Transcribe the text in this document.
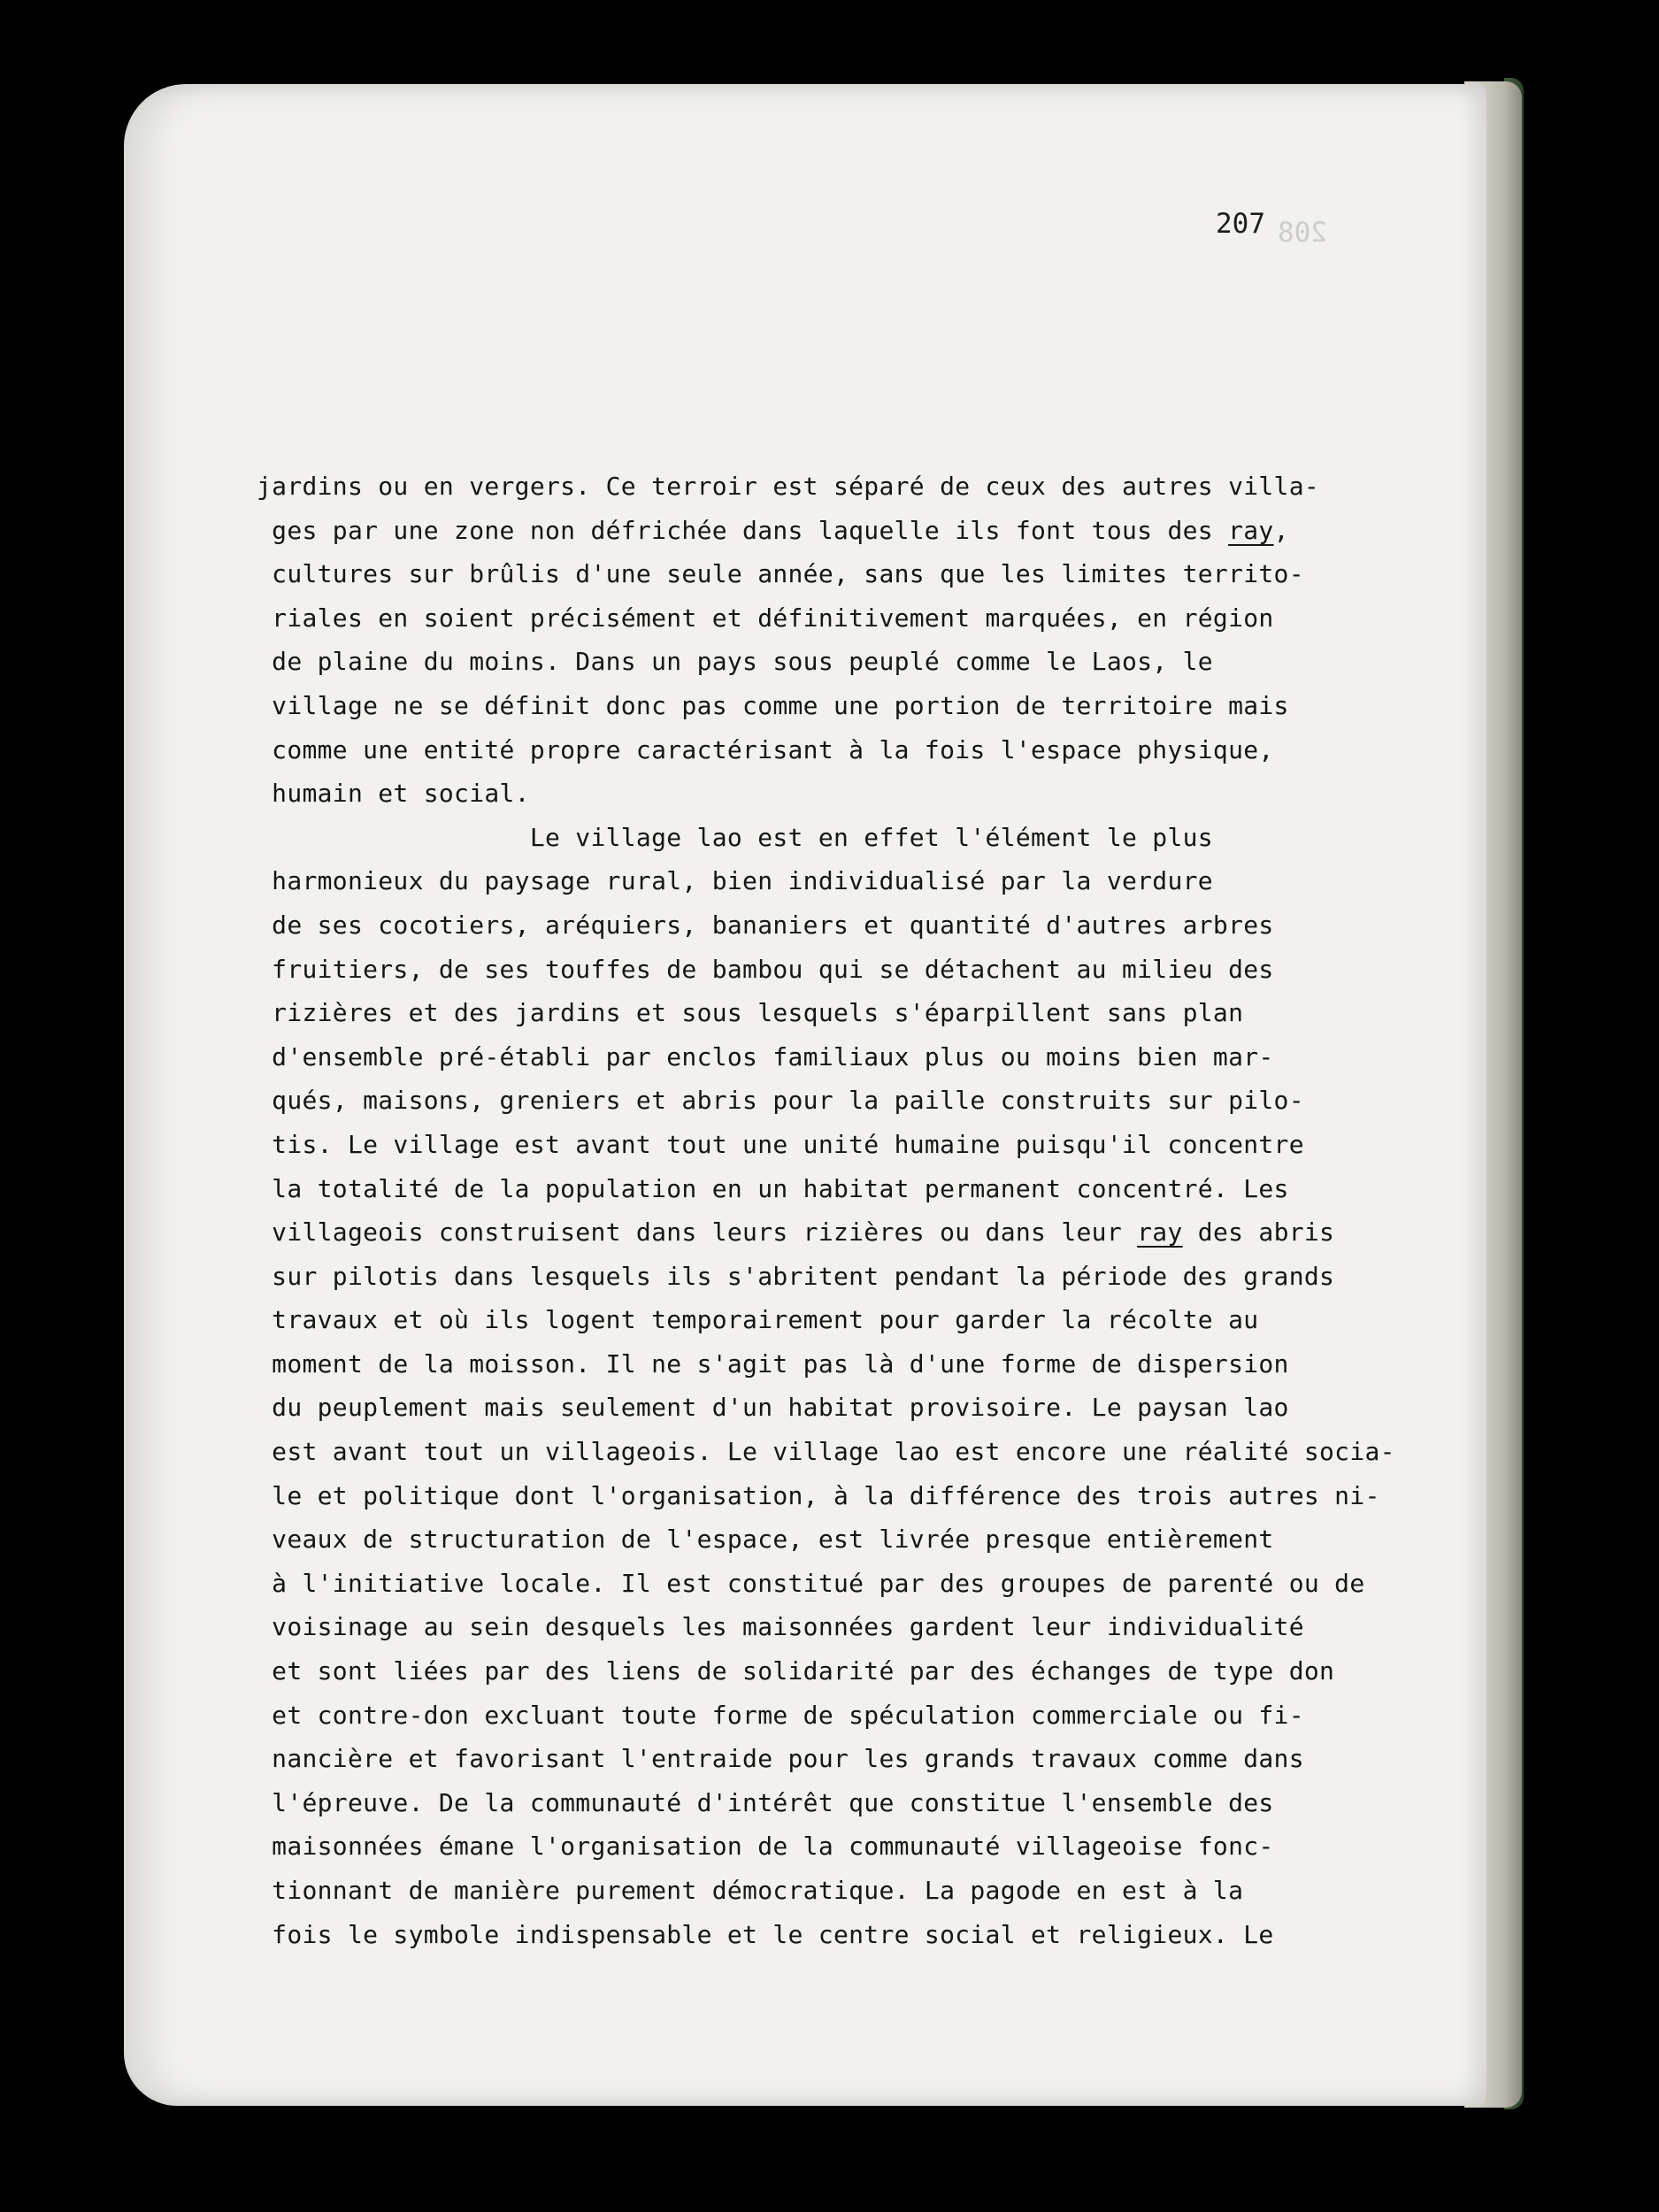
208
207
jardins ou en vergers. Ce terroir est séparé de ceux des autres villa-
ges par une zone non défrichée dans laquelle ils font tous des ray,
cultures sur brûlis d'une seule année, sans que les limites territo-
riales en soient précisément et définitivement marquées, en région
de plaine du moins. Dans un pays sous peuplé comme le Laos, le
village ne se définit donc pas comme une portion de territoire mais
comme une entité propre caractérisant à la fois l'espace physique,
humain et social.
Le village lao est en effet l'élément le plus
harmonieux du paysage rural, bien individualisé par la verdure
de ses cocotiers, aréquiers, bananiers et quantité d'autres arbres
fruitiers, de ses touffes de bambou qui se détachent au milieu des
rizières et des jardins et sous lesquels s'éparpillent sans plan
d'ensemble pré-établi par enclos familiaux plus ou moins bien mar-
qués, maisons, greniers et abris pour la paille construits sur pilo-
tis. Le village est avant tout une unité humaine puisqu'il concentre
la totalité de la population en un habitat permanent concentré. Les
villageois construisent dans leurs rizières ou dans leur ray des abris
sur pilotis dans lesquels ils s'abritent pendant la période des grands
travaux et où ils logent temporairement pour garder la récolte au
moment de la moisson. Il ne s'agit pas là d'une forme de dispersion
du peuplement mais seulement d'un habitat provisoire. Le paysan lao
est avant tout un villageois. Le village lao est encore une réalité socia-
le et politique dont l'organisation, à la différence des trois autres ni-
veaux de structuration de l'espace, est livrée presque entièrement
à l'initiative locale. Il est constitué par des groupes de parenté ou de
voisinage au sein desquels les maisonnées gardent leur individualité
et sont liées par des liens de solidarité par des échanges de type don
et contre-don excluant toute forme de spéculation commerciale ou fi-
nancière et favorisant l'entraide pour les grands travaux comme dans
l'épreuve. De la communauté d'intérêt que constitue l'ensemble des
maisonnées émane l'organisation de la communauté villageoise fonc-
tionnant de manière purement démocratique. La pagode en est à la
fois le symbole indispensable et le centre social et religieux. Le
